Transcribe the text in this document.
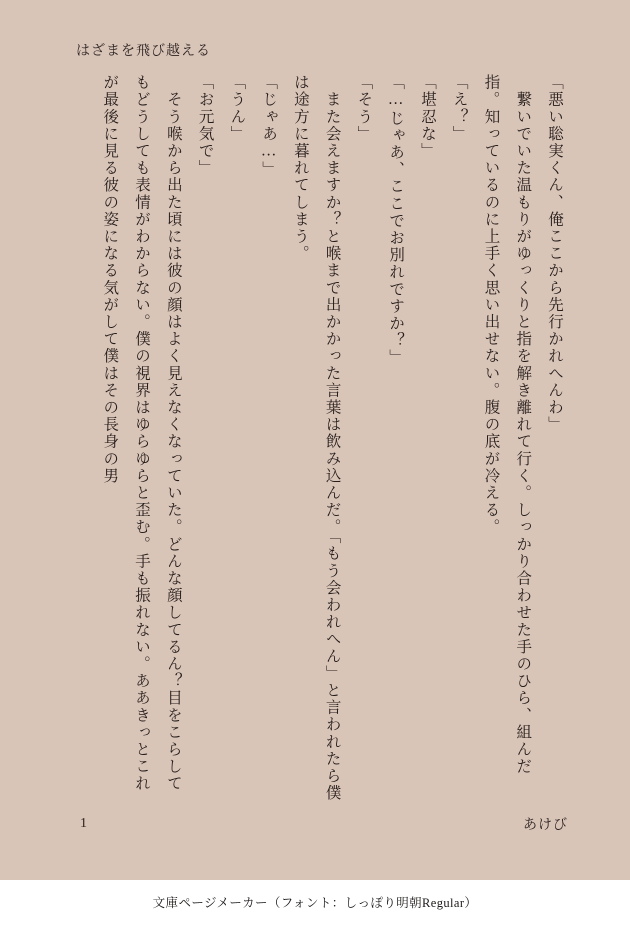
はざまを飛び越える

「悪い聡実くん、俺ここから先行かれへんわ」

　繋いでいた温もりがゆっくりと指を解き離れて行く。しっかり合わせた手のひら、組んだ指。知っているのに上手く思い出せない。腹の底が冷える。

「え？」

「堪忍な」

「…じゃあ、ここでお別れですか？」

「そう」

　また会えますか？と喉まで出かかった言葉は飲み込んだ。「もう会われへん」と言われたら僕は途方に暮れてしまう。

「じゃあ…」

「うん」

「お元気で」

　そう喉から出た頃には彼の顔はよく見えなくなっていた。どんな顔してるん？目をこらしてもどうしても表情がわからない。僕の視界はゆらゆらと歪む。手も振れない。ああきっとこれが最後に見る彼の姿になる気がして僕はその長身の男

1	あけび
文庫ページメーカー（フォント：しっぽり明朝Regular）
